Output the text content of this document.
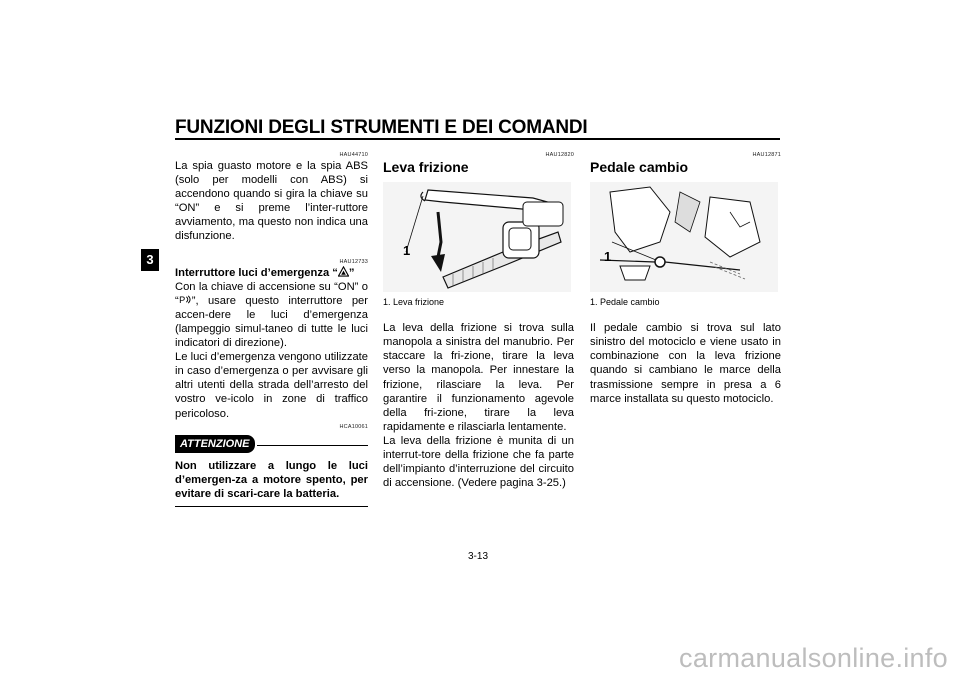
FUNZIONI DEGLI STRUMENTI E DEI COMANDI
3
HAU44710
La spia guasto motore e la spia ABS (solo per modelli con ABS) si accendono quando si gira la chiave su “ON” e si preme l’inter-ruttore avviamento, ma questo non indica una disfunzione.
HAU12733
Interruttore luci d’emergenza “ ”
Con la chiave di accensione su “ON” o “ P ”, usare questo interruttore per accen-dere le luci d’emergenza (lampeggio simul-taneo di tutte le luci indicatori di direzione).
Le luci d’emergenza vengono utilizzate in caso d’emergenza o per avvisare gli altri utenti della strada dell’arresto del vostro ve-icolo in zone di traffico pericoloso.
HCA10061
ATTENZIONE
Non utilizzare a lungo le luci d’emergen-za a motore spento, per evitare di scari-care la batteria.
HAU12820
Leva frizione
1
1. Leva frizione
La leva della frizione si trova sulla manopola a sinistra del manubrio. Per staccare la fri-zione, tirare la leva verso la manopola. Per innestare la frizione, rilasciare la leva. Per garantire il funzionamento agevole della fri-zione, tirare la leva rapidamente e rilasciarla lentamente.
La leva della frizione è munita di un interrut-tore della frizione che fa parte dell’impianto d’interruzione del circuito di accensione. (Vedere pagina 3-25.)
HAU12871
Pedale cambio
1
1. Pedale cambio
Il pedale cambio si trova sul lato sinistro del motociclo e viene usato in combinazione con la leva frizione quando si cambiano le marce della trasmissione sempre in presa a 6 marce installata su questo motociclo.
3-13
carmanualsonline.info
